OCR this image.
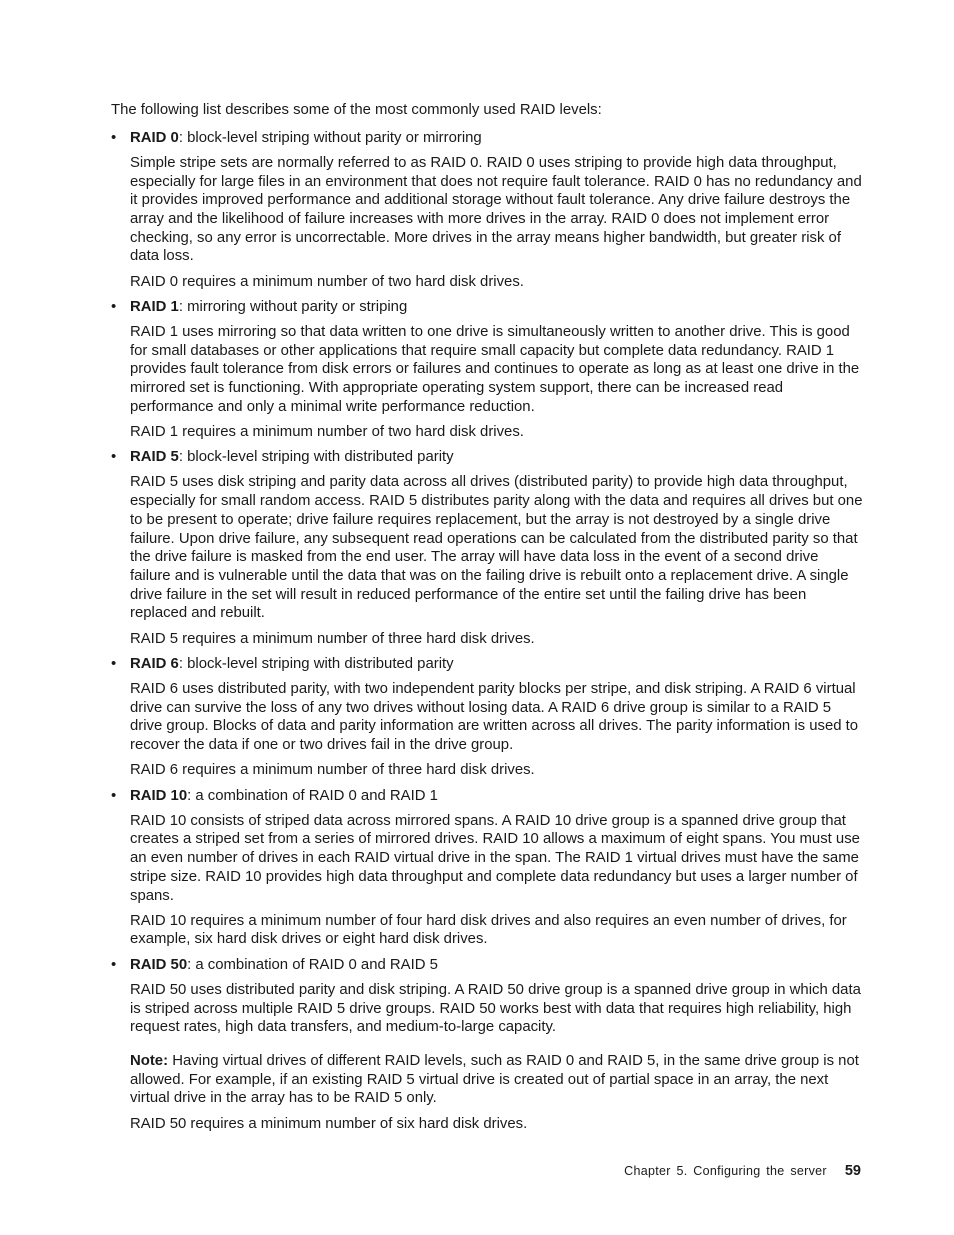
The following list describes some of the most commonly used RAID levels:

• RAID 0: block-level striping without parity or mirroring

Simple stripe sets are normally referred to as RAID 0. RAID 0 uses striping to provide high data throughput, especially for large files in an environment that does not require fault tolerance. RAID 0 has no redundancy and it provides improved performance and additional storage without fault tolerance. Any drive failure destroys the array and the likelihood of failure increases with more drives in the array. RAID 0 does not implement error checking, so any error is uncorrectable. More drives in the array means higher bandwidth, but greater risk of data loss.

RAID 0 requires a minimum number of two hard disk drives.

• RAID 1: mirroring without parity or striping

RAID 1 uses mirroring so that data written to one drive is simultaneously written to another drive. This is good for small databases or other applications that require small capacity but complete data redundancy. RAID 1 provides fault tolerance from disk errors or failures and continues to operate as long as at least one drive in the mirrored set is functioning. With appropriate operating system support, there can be increased read performance and only a minimal write performance reduction.

RAID 1 requires a minimum number of two hard disk drives.

• RAID 5: block-level striping with distributed parity

RAID 5 uses disk striping and parity data across all drives (distributed parity) to provide high data throughput, especially for small random access. RAID 5 distributes parity along with the data and requires all drives but one to be present to operate; drive failure requires replacement, but the array is not destroyed by a single drive failure. Upon drive failure, any subsequent read operations can be calculated from the distributed parity so that the drive failure is masked from the end user. The array will have data loss in the event of a second drive failure and is vulnerable until the data that was on the failing drive is rebuilt onto a replacement drive. A single drive failure in the set will result in reduced performance of the entire set until the failing drive has been replaced and rebuilt.

RAID 5 requires a minimum number of three hard disk drives.

• RAID 6: block-level striping with distributed parity

RAID 6 uses distributed parity, with two independent parity blocks per stripe, and disk striping. A RAID 6 virtual drive can survive the loss of any two drives without losing data. A RAID 6 drive group is similar to a RAID 5 drive group. Blocks of data and parity information are written across all drives. The parity information is used to recover the data if one or two drives fail in the drive group.

RAID 6 requires a minimum number of three hard disk drives.

• RAID 10: a combination of RAID 0 and RAID 1

RAID 10 consists of striped data across mirrored spans. A RAID 10 drive group is a spanned drive group that creates a striped set from a series of mirrored drives. RAID 10 allows a maximum of eight spans. You must use an even number of drives in each RAID virtual drive in the span. The RAID 1 virtual drives must have the same stripe size. RAID 10 provides high data throughput and complete data redundancy but uses a larger number of spans.

RAID 10 requires a minimum number of four hard disk drives and also requires an even number of drives, for example, six hard disk drives or eight hard disk drives.

• RAID 50: a combination of RAID 0 and RAID 5

RAID 50 uses distributed parity and disk striping. A RAID 50 drive group is a spanned drive group in which data is striped across multiple RAID 5 drive groups. RAID 50 works best with data that requires high reliability, high request rates, high data transfers, and medium-to-large capacity.

Note: Having virtual drives of different RAID levels, such as RAID 0 and RAID 5, in the same drive group is not allowed. For example, if an existing RAID 5 virtual drive is created out of partial space in an array, the next virtual drive in the array has to be RAID 5 only.

RAID 50 requires a minimum number of six hard disk drives.

Chapter 5. Configuring the server 59
